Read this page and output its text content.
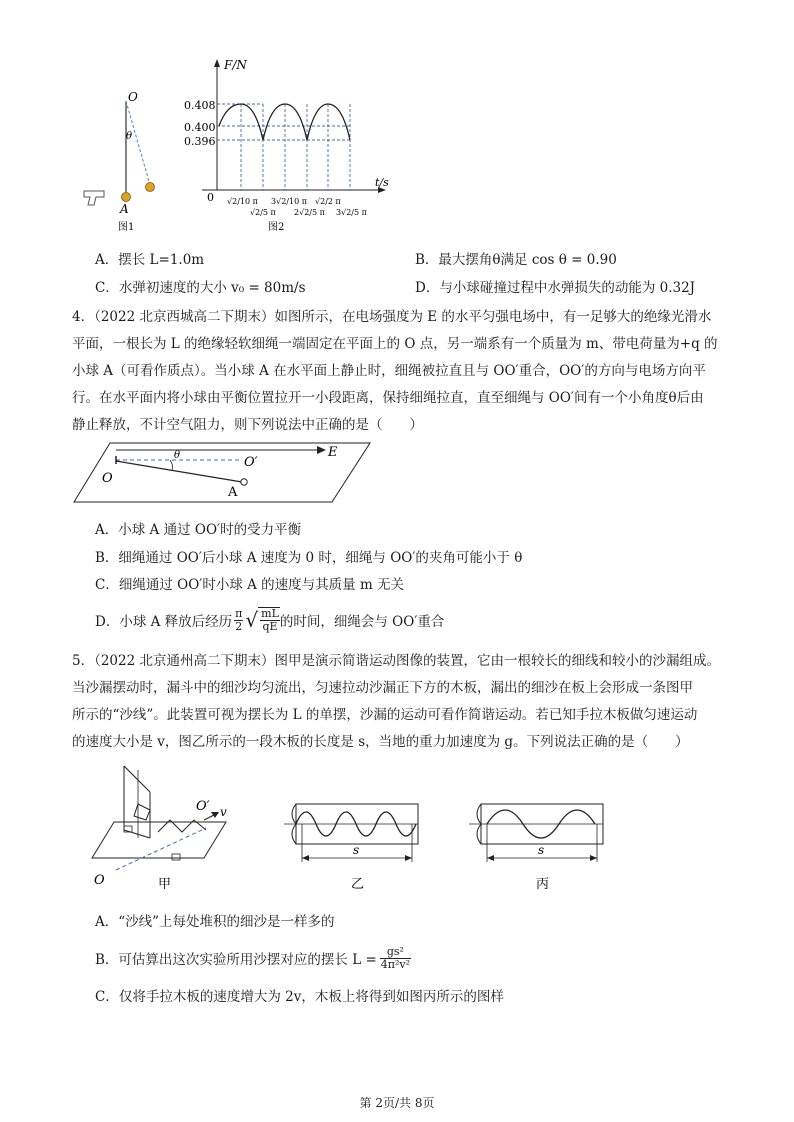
O
θ
A
图1
F/N
t/s
0
0.408
0.400
0.396
√2/10 π
√2/5 π
3√2/10 π
2√2/5 π
√2/2 π
3√2/5 π
图2
A．摆长 L=1.0m	B．最大摆角θ满足 cos θ = 0.90
C．水弹初速度的大小 v₀ = 80m/s	D．与小球碰撞过程中水弹损失的动能为 0.32J
4．（2022 北京西城高二下期末）如图所示，在电场强度为 E 的水平匀强电场中，有一足够大的绝缘光滑水
平面，一根长为 L 的绝缘轻软细绳一端固定在平面上的 O 点，另一端系有一个质量为 m、带电荷量为+q 的
小球 A（可看作质点）。当小球 A 在水平面上静止时，细绳被拉直且与 OO′重合，OO′的方向与电场方向平
行。在水平面内将小球由平衡位置拉开一小段距离，保持细绳拉直，直至细绳与 OO′间有一个小角度θ后由
静止释放，不计空气阻力，则下列说法中正确的是（　　）
E
O
O′
θ
A
A．小球 A 通过 OO′时的受力平衡
B．细绳通过 OO′后小球 A 速度为 0 时，细绳与 OO′的夹角可能小于 θ
C．细绳通过 OO′时小球 A 的速度与其质量 m 无关
D．小球 A 释放后经历 $\frac{\pi}{2}$ √ $\frac{mL}{qE}$ 的时间，细绳会与 OO′重合
5．（2022 北京通州高二下期末）图甲是演示简谐运动图像的装置，它由一根较长的细线和较小的沙漏组成。
当沙漏摆动时，漏斗中的细沙均匀流出，匀速拉动沙漏正下方的木板，漏出的细沙在板上会形成一条图甲
所示的“沙线”。此装置可视为摆长为 L 的单摆，沙漏的运动可看作简谐运动。若已知手拉木板做匀速运动
的速度大小是 v，图乙所示的一段木板的长度是 s，当地的重力加速度为 g。下列说法正确的是（　　）
O′ v
O	甲
s
乙
s
丙
A．“沙线”上每处堆积的细沙是一样多的
B．可估算出这次实验所用沙摆对应的摆长 $L = \frac{\text{gs²}}{\text{4π²v²}}$
C．仅将手拉木板的速度增大为 2v，木板上将得到如图丙所示的图样
第 2页/共 8页
